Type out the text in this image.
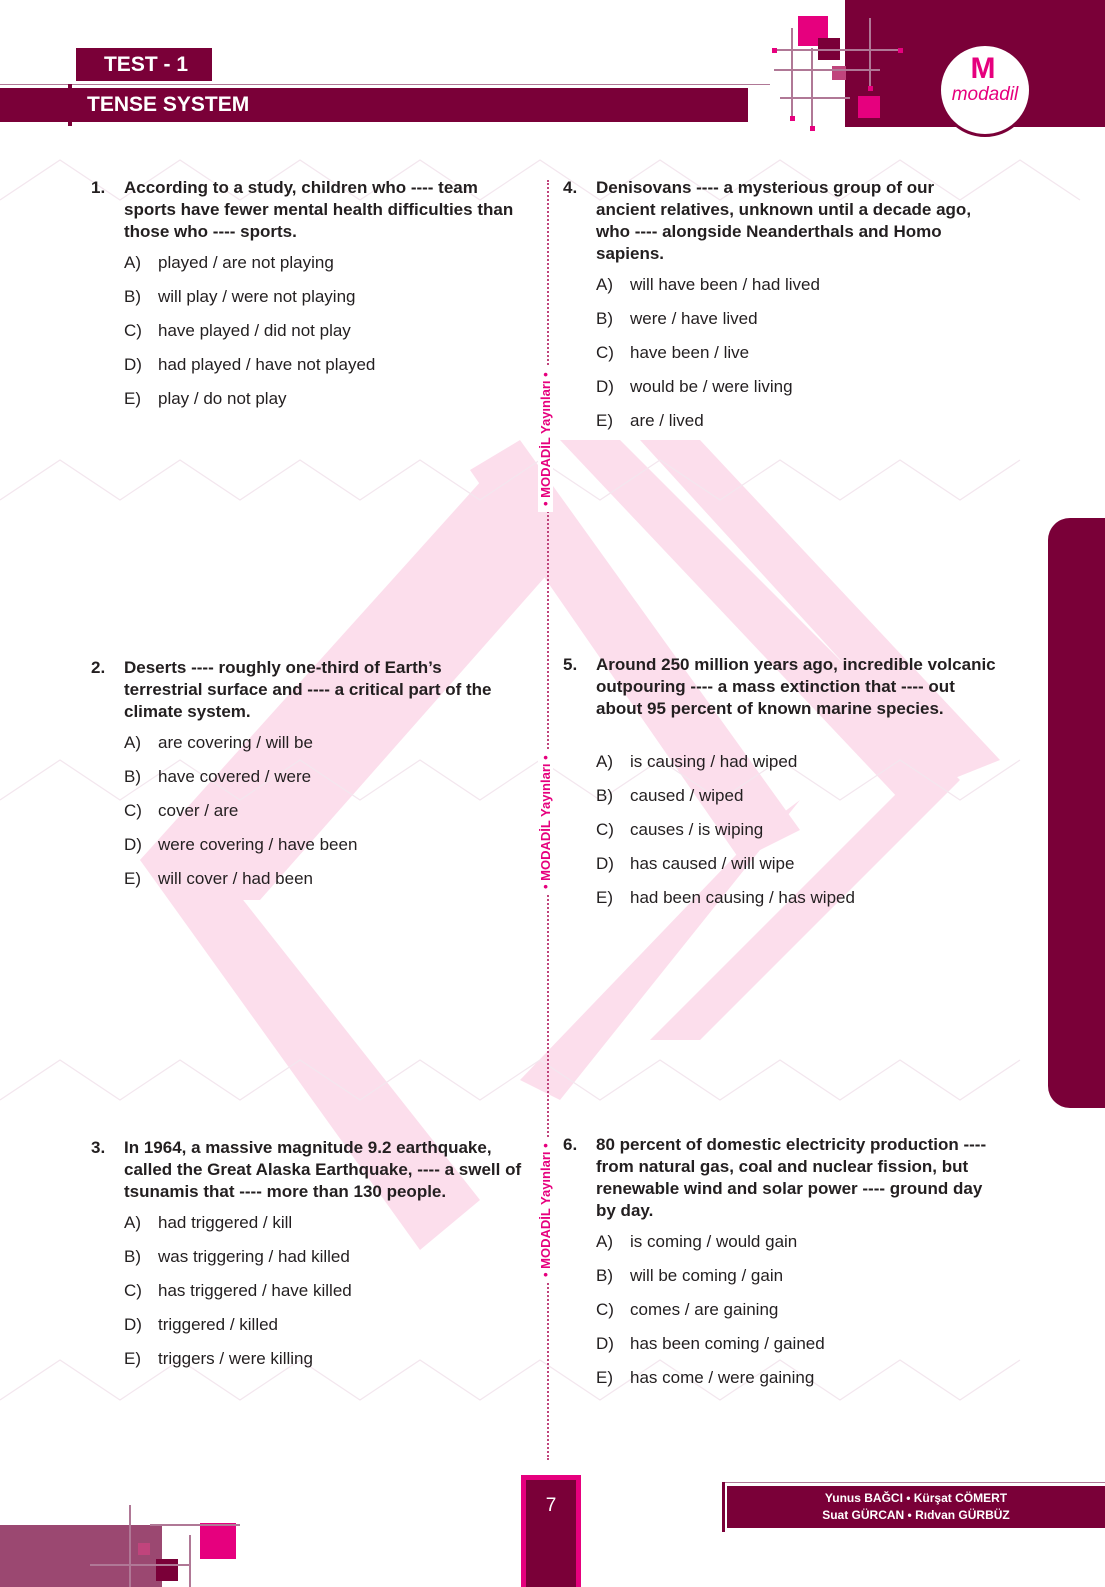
TEST - 1
TENSE SYSTEM
M
modadil
• MODADİL Yayınları •
• MODADİL Yayınları •
• MODADİL Yayınları •
1. According to a study, children who ---- team sports have fewer mental health difficulties than those who ---- sports.
A) played / are not playing
B) will play / were not playing
C) have played / did not play
D) had played / have not played
E) play / do not play
2. Deserts ---- roughly one-third of Earth’s terrestrial surface and ---- a critical part of the climate system.
A) are covering / will be
B) have covered / were
C) cover / are
D) were covering / have been
E) will cover / had been
3. In 1964, a massive magnitude 9.2 earthquake, called the Great Alaska Earthquake, ---- a swell of tsunamis that ---- more than 130 people.
A) had triggered / kill
B) was triggering / had killed
C) has triggered / have killed
D) triggered / killed
E) triggers / were killing
4. Denisovans ---- a mysterious group of our ancient relatives, unknown until a decade ago, who ---- alongside Neanderthals and Homo sapiens.
A) will have been / had lived
B) were / have lived
C) have been / live
D) would be / were living
E) are / lived
5. Around 250 million years ago, incredible volcanic outpouring ---- a mass extinction that ---- out about 95 percent of known marine species.
A) is causing / had wiped
B) caused / wiped
C) causes / is wiping
D) has caused / will wipe
E) had been causing / has wiped
6. 80 percent of domestic electricity production ---- from natural gas, coal and nuclear fission, but renewable wind and solar power ---- ground day by day.
A) is coming / would gain
B) will be coming / gain
C) comes / are gaining
D) has been coming / gained
E) has come / were gaining
7	Yunus BAĞCI • Kürşat CÖMERT
Suat GÜRCAN • Rıdvan GÜRBÜZ
